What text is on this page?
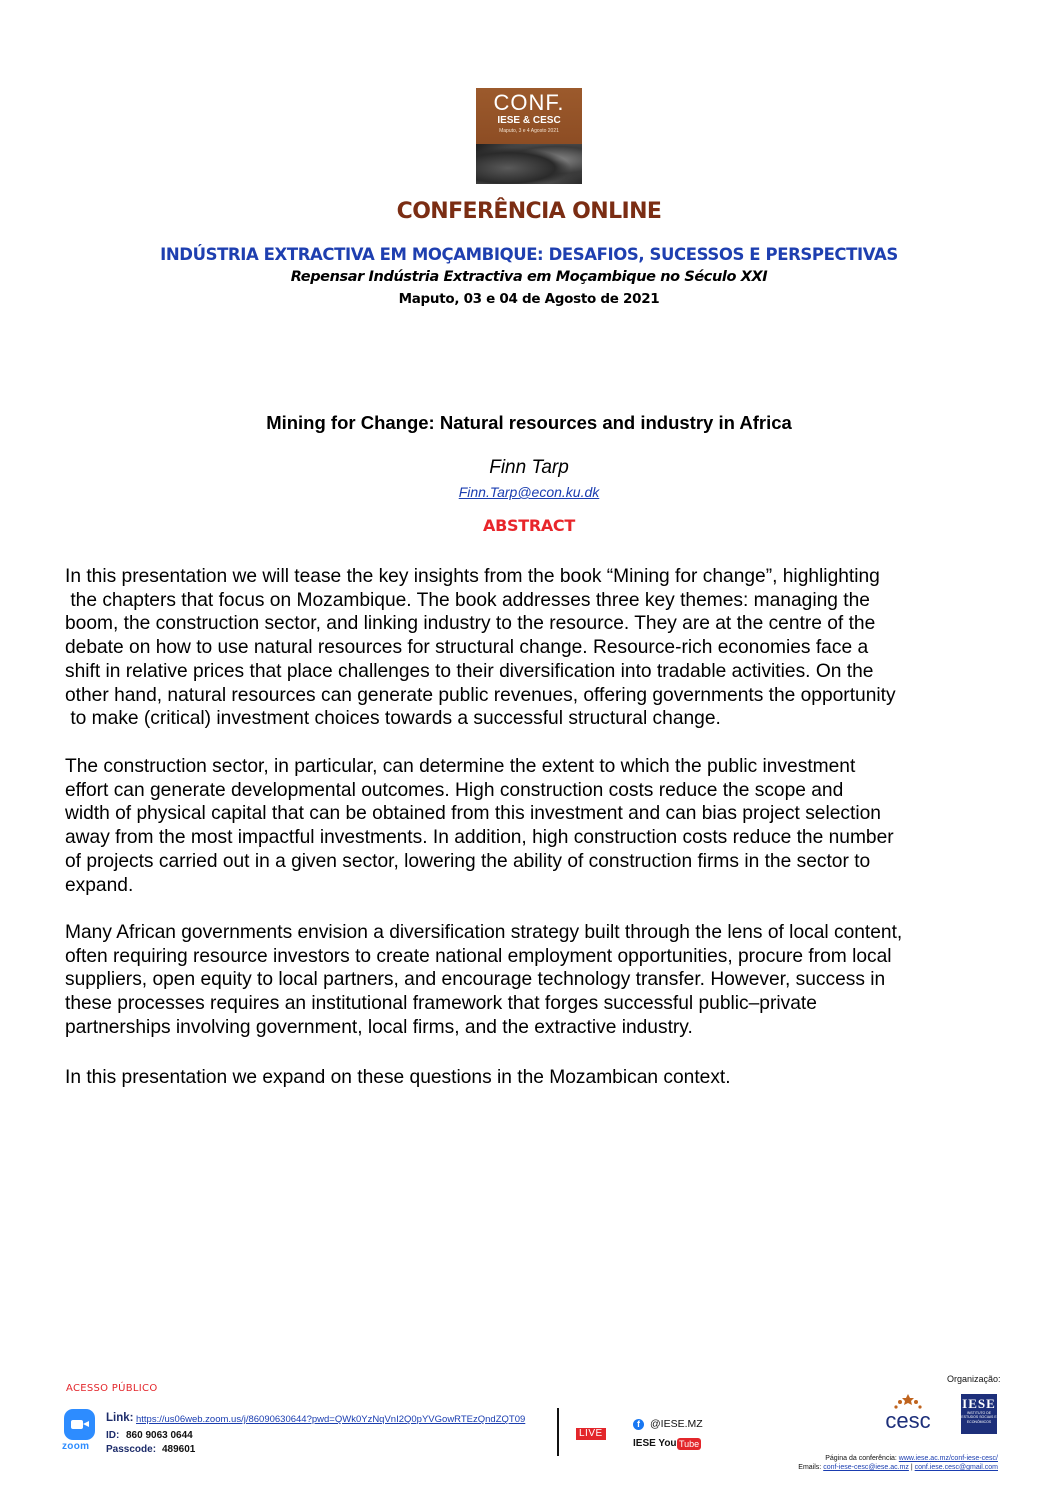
CONF.
IESE & CESC
Maputo, 3 e 4 Agosto 2021
CONFERÊNCIA ONLINE
INDÚSTRIA EXTRACTIVA EM MOÇAMBIQUE: DESAFIOS, SUCESSOS E PERSPECTIVAS
Repensar Indústria Extractiva em Moçambique no Século XXI
Maputo, 03 e 04 de Agosto de 2021
Mining for Change: Natural resources and industry in Africa
Finn Tarp
Finn.Tarp@econ.ku.dk
ABSTRACT
In this presentation we will tease the key insights from the book “Mining for change”, highlighting
the chapters that focus on Mozambique. The book addresses three key themes: managing the
boom, the construction sector, and linking industry to the resource. They are at the centre of the
debate on how to use natural resources for structural change. Resource-rich economies face a
shift in relative prices that place challenges to their diversification into tradable activities. On the
other hand, natural resources can generate public revenues, offering governments the opportunity
to make (critical) investment choices towards a successful structural change.
The construction sector, in particular, can determine the extent to which the public investment
effort can generate developmental outcomes. High construction costs reduce the scope and
width of physical capital that can be obtained from this investment and can bias project selection
away from the most impactful investments. In addition, high construction costs reduce the number
of projects carried out in a given sector, lowering the ability of construction firms in the sector to
expand.
Many African governments envision a diversification strategy built through the lens of local content,
often requiring resource investors to create national employment opportunities, procure from local
suppliers, open equity to local partners, and encourage technology transfer. However, success in
these processes requires an institutional framework that forges successful public–private
partnerships involving government, local firms, and the extractive industry.
In this presentation we expand on these questions in the Mozambican context.
ACESSO PÚBLICO
zoom
Link: https://us06web.zoom.us/j/86090630644?pwd=QWk0YzNqVnI2Q0pYVGowRTEzQndZQT09
ID: 860 9063 0644
Passcode: 489601
LIVE
f @IESE.MZ
IESE You Tube
Organização:
cesc
IESE
INSTITUTO DE ESTUDOS SOCIAIS E ECONÓMICOS
Página da conferência: www.iese.ac.mz/conf-iese-cesc/
Emails: conf-iese-cesc@iese.ac.mz | conf.iese.cesc@gmail.com
